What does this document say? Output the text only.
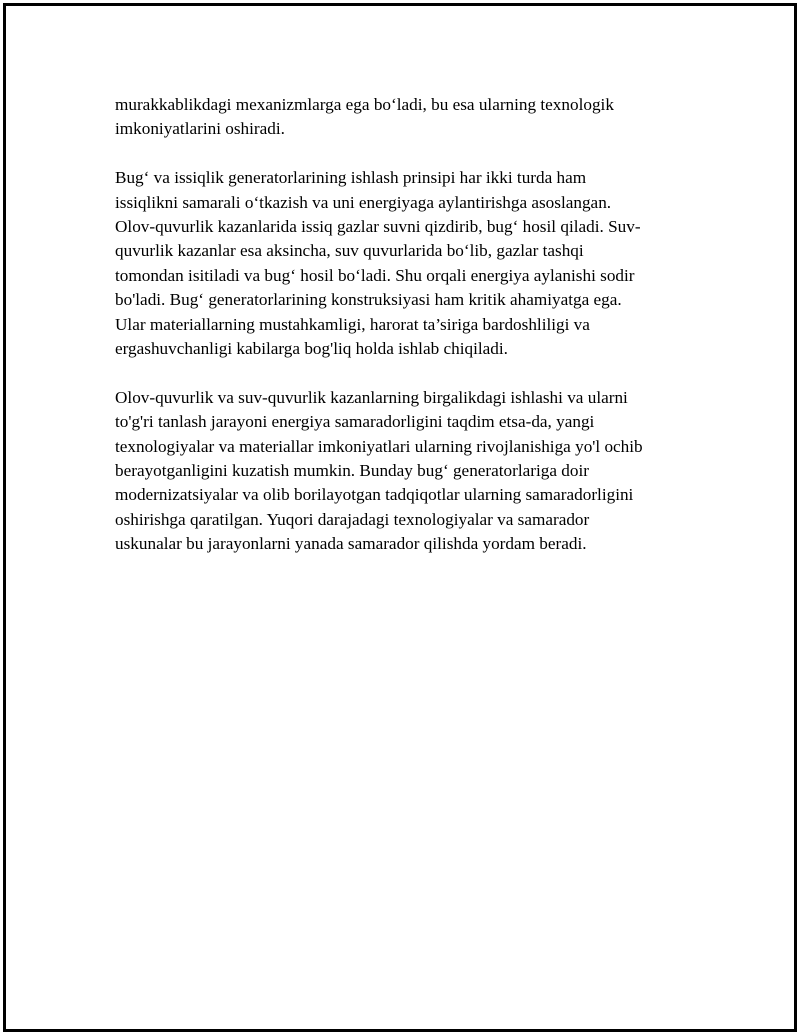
murakkablikdagi mexanizmlarga ega bo‘ladi, bu esa ularning texnologik
imkoniyatlarini oshiradi.

Bug‘ va issiqlik generatorlarining ishlash prinsipi har ikki turda ham
issiqlikni samarali o‘tkazish va uni energiyaga aylantirishga asoslangan.
Olov-quvurlik kazanlarida issiq gazlar suvni qizdirib, bug‘ hosil qiladi. Suv-
quvurlik kazanlar esa aksincha, suv quvurlarida bo‘lib, gazlar tashqi
tomondan isitiladi va bug‘ hosil bo‘ladi. Shu orqali energiya aylanishi sodir
bo'ladi. Bug‘ generatorlarining konstruksiyasi ham kritik ahamiyatga ega.
Ular materiallarning mustahkamligi, harorat ta’siriga bardoshliligi va
ergashuvchanligi kabilarga bog'liq holda ishlab chiqiladi.

Olov-quvurlik va suv-quvurlik kazanlarning birgalikdagi ishlashi va ularni
to'g'ri tanlash jarayoni energiya samaradorligini taqdim etsa-da, yangi
texnologiyalar va materiallar imkoniyatlari ularning rivojlanishiga yo'l ochib
berayotganligini kuzatish mumkin. Bunday bug‘ generatorlariga doir
modernizatsiyalar va olib borilayotgan tadqiqotlar ularning samaradorligini
oshirishga qaratilgan. Yuqori darajadagi texnologiyalar va samarador
uskunalar bu jarayonlarni yanada samarador qilishda yordam beradi.
